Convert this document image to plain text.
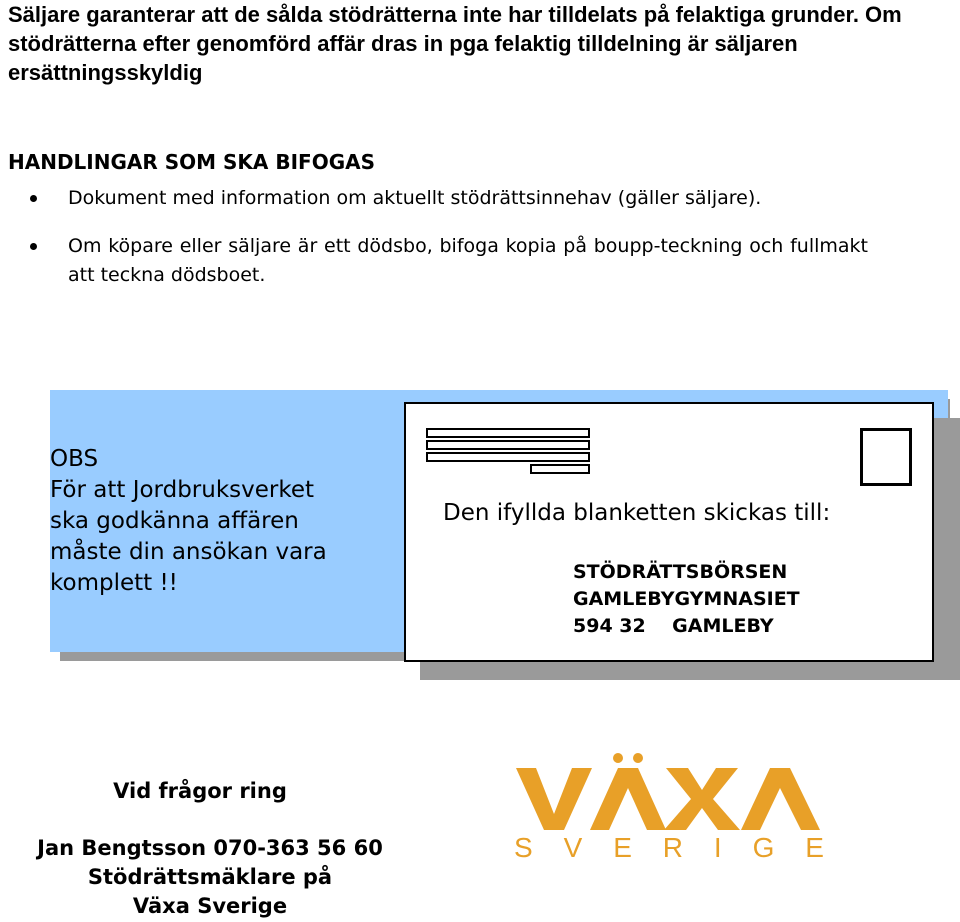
Säljare garanterar att de sålda stödrätterna inte har tilldelats på felaktiga grunder. Om stödrätterna efter genomförd affär dras in pga felaktig tilldelning är säljaren ersättningsskyldig

HANDLINGAR SOM SKA BIFOGAS
Dokument med information om aktuellt stödrättsinnehav (gäller säljare).
Om köpare eller säljare är ett dödsbo, bifoga kopia på boupp-teckning och fullmakt att teckna dödsboet.
OBS
För att Jordbruksverket
ska godkänna affären
måste din ansökan vara
komplett !!
Den ifyllda blanketten skickas till:
STÖDRÄTTSBÖRSEN
GAMLEBYGYMNASIET
594 32    GAMLEBY
Vid frågor ring
Jan Bengtsson 070-363 56 60
Stödrättsmäklare på
Växa Sverige
S V E R I G E
